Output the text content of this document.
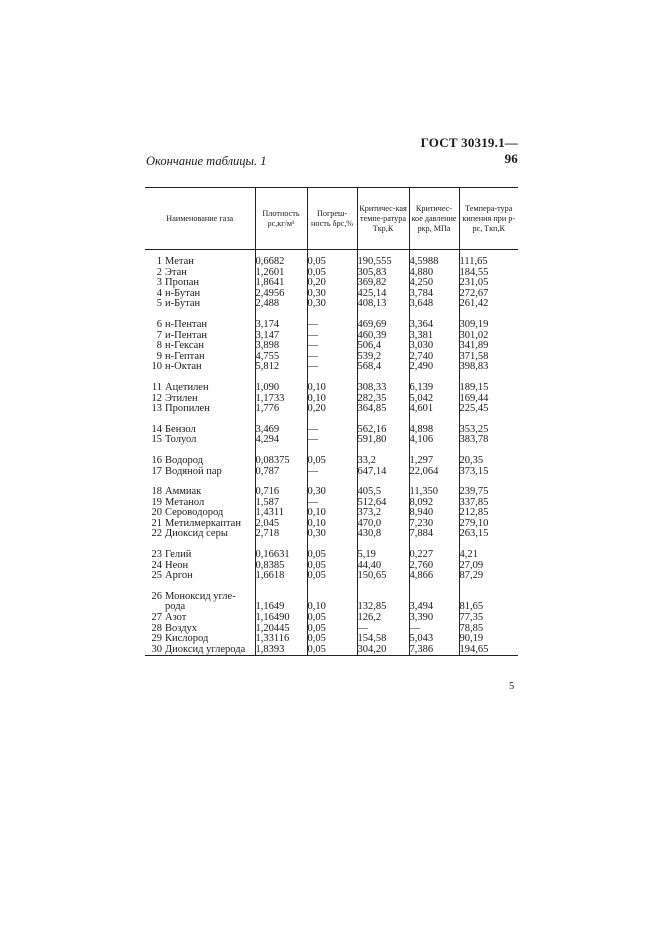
ГОСТ 30319.1—96
Окончание таблицы. 1
Наименование газа	Плотность ρc,кг/м³	Погреш-ность δρc,%	Критичес-кая темпе-ратура Tкр,К	Критичес-кое давление pкр, МПа	Темпера-тура кипения при p-pc, Tкп,К

1 Метан	0,6682	0,05	190,555	4,5988	111,65

2 Этан	1,2601	0,05	305,83	4,880	184,55

3 Пропан	1,8641	0,20	369,82	4,250	231,05

4 н-Бутан	2,4956	0,30	425,14	3,784	272,67

5 и-Бутан	2,488	0,30	408,13	3,648	261,42

6 н-Пентан	3,174	—	469,69	3,364	309,19

7 и-Пентан	3,147	—	460,39	3,381	301,02

8 н-Гексан	3,898	—	506,4	3,030	341,89

9 н-Гептан	4,755	—	539,2	2,740	371,58

10 н-Октан	5,812	—	568,4	2,490	398,83

11 Ацетилен	1,090	0,10	308,33	6,139	189,15

12 Этилен	1,1733	0,10	282,35	5,042	169,44

13 Пропилен	1,776	0,20	364,85	4,601	225,45

14 Бензол	3,469	—	562,16	4,898	353,25

15 Толуол	4,294	—	591,80	4,106	383,78

16 Водород	0,08375	0,05	33,2	1,297	20,35

17 Водяной пар	0,787	—	647,14	22,064	373,15

18 Аммиак	0,716	0,30	405,5	11,350	239,75

19 Метанол	1,587	—	512,64	8,092	337,85

20 Сероводород	1,4311	0,10	373,2	8,940	212,85

21 Метилмеркаптан	2,045	0,10	470,0	7,230	279,10

22 Диоксид серы	2,718	0,30	430,8	7,884	263,15

23 Гелий	0,16631	0,05	5,19	0,227	4,21

24 Неон	0,8385	0,05	44,40	2,760	27,09

25 Аргон	1,6618	0,05	150,65	4,866	87,29

26 Моноксид угле-					

рода	1,1649	0,10	132,85	3,494	81,65

27 Азот	1,16490	0,05	126,2	3,390	77,35

28 Воздух	1,20445	0,05	—	—	78,85

29 Кислород	1,33116	0,05	154,58	5,043	90,19

30 Диоксид углерода	1,8393	0,05	304,20	7,386	194,65
5
